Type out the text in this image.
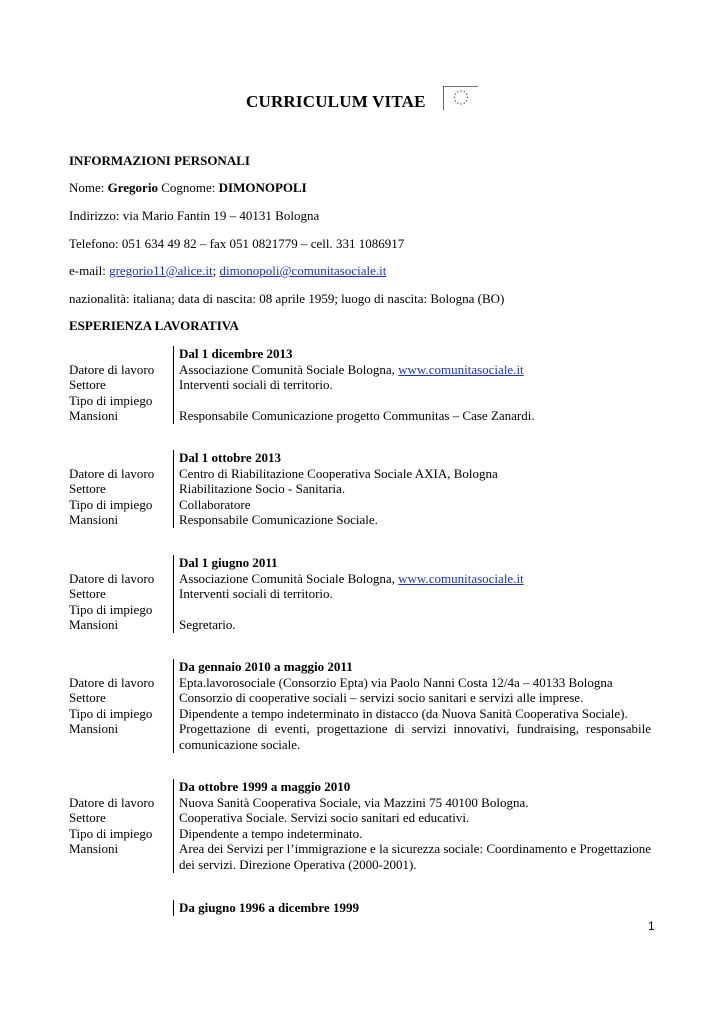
CURRICULUM VITAE
INFORMAZIONI PERSONALI
Nome: Gregorio Cognome: DIMONOPOLI
Indirizzo: via Mario Fantin 19 – 40131 Bologna
Telefono: 051 634 49 82 – fax 051 0821779 – cell. 331 1086917
e-mail: gregorio11@alice.it; dimonopoli@comunitasociale.it
nazionalità: italiana; data di nascita: 08 aprile 1959; luogo di nascita: Bologna (BO)
ESPERIENZA LAVORATIVA
Datore di lavoro
Settore
Tipo di impiego
Mansioni
Dal 1 dicembre 2013
Associazione Comunità Sociale Bologna, www.comunitasociale.it
Interventi sociali di territorio.
Responsabile Comunicazione progetto Communitas – Case Zanardi.
Datore di lavoro
Settore
Tipo di impiego
Mansioni
Dal 1 ottobre 2013
Centro di Riabilitazione Cooperativa Sociale AXIA, Bologna
Riabilitazione Socio - Sanitaria.
Collaboratore
Responsabile Comunicazione Sociale.
Datore di lavoro
Settore
Tipo di impiego
Mansioni
Dal 1 giugno 2011
Associazione Comunità Sociale Bologna, www.comunitasociale.it
Interventi sociali di territorio.
Segretario.
Datore di lavoro
Settore
Tipo di impiego
Mansioni
Da gennaio 2010 a maggio 2011
Epta.lavorosociale (Consorzio Epta) via Paolo Nanni Costa 12/4a – 40133 Bologna
Consorzio di cooperative sociali – servizi socio sanitari e servizi alle imprese.
Dipendente a tempo indeterminato in distacco (da Nuova Sanità Cooperativa Sociale).
Progettazione di eventi, progettazione di servizi innovativi, fundraising, responsabile comunicazione sociale.
Datore di lavoro
Settore
Tipo di impiego
Mansioni
Da ottobre 1999 a maggio 2010
Nuova Sanità Cooperativa Sociale, via Mazzini 75 40100 Bologna.
Cooperativa Sociale. Servizi socio sanitari ed educativi.
Dipendente a tempo indeterminato.
Area dei Servizi per l’immigrazione e la sicurezza sociale: Coordinamento e Progettazione dei servizi. Direzione Operativa (2000-2001).
Da giugno 1996 a dicembre 1999
1
